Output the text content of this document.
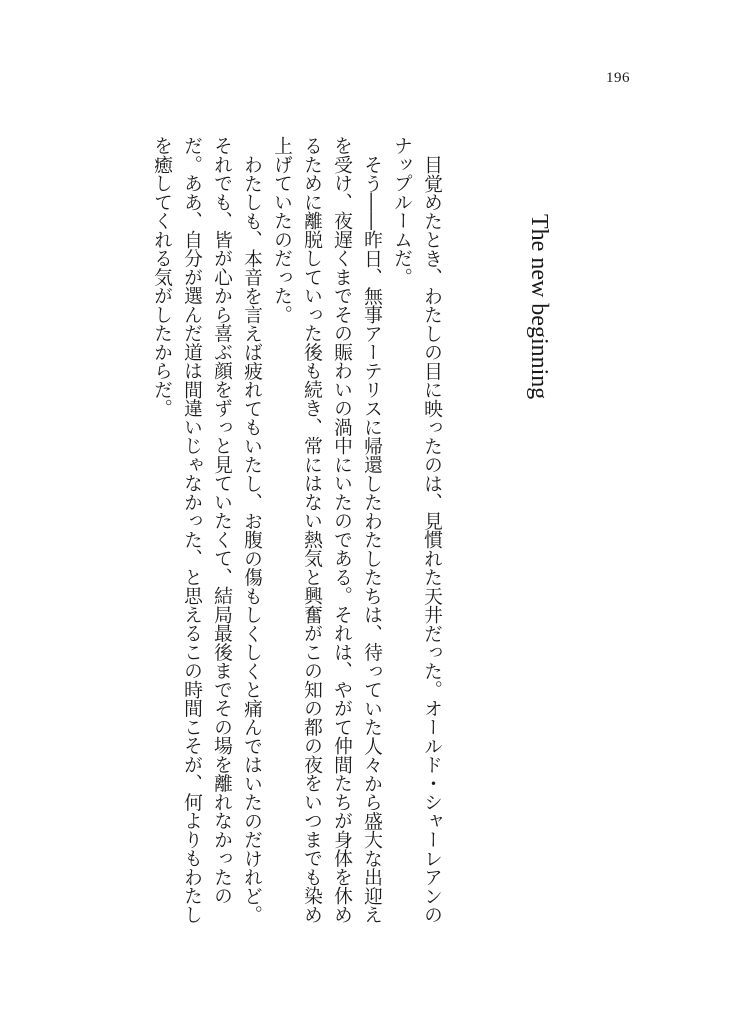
196
The new beginning

目覚めたとき、わたしの目に映ったのは、見慣れた天井だった。オールド・シャーレアンのナップルームだ。

そう――昨日、無事アーテリスに帰還したわたしたちは、待っていた人々から盛大な出迎えを受け、夜遅くまでその賑わいの渦中にいたのである。それは、やがて仲間たちが身体を休めるために離脱していった後も続き、常にはない熱気と興奮がこの知の都の夜をいつまでも染め上げていたのだった。

わたしも、本音を言えば疲れてもいたし、お腹の傷もしくしくと痛んではいたのだけれど。それでも、皆が心から喜ぶ顔をずっと見ていたくて、結局最後までその場を離れなかったのだ。ああ、自分が選んだ道は間違いじゃなかった、と思えるこの時間こそが、何よりもわたしを癒してくれる気がしたからだ。
